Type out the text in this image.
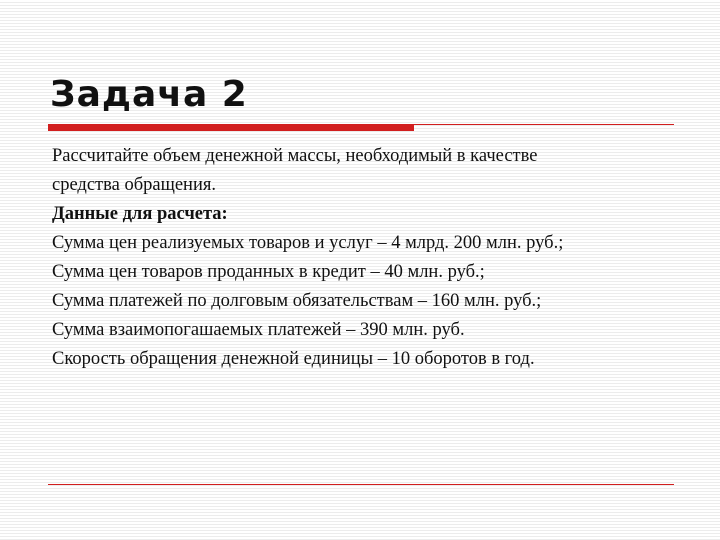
Задача 2

Рассчитайте объем денежной массы, необходимый в качестве

средства обращения.

Данные для расчета:

Сумма цен реализуемых товаров и услуг – 4 млрд. 200 млн. руб.;

Сумма цен товаров проданных в кредит – 40 млн. руб.;

Сумма платежей по долговым обязательствам – 160 млн. руб.;

Сумма взаимопогашаемых платежей – 390 млн. руб.

Скорость обращения денежной единицы – 10 оборотов в год.
